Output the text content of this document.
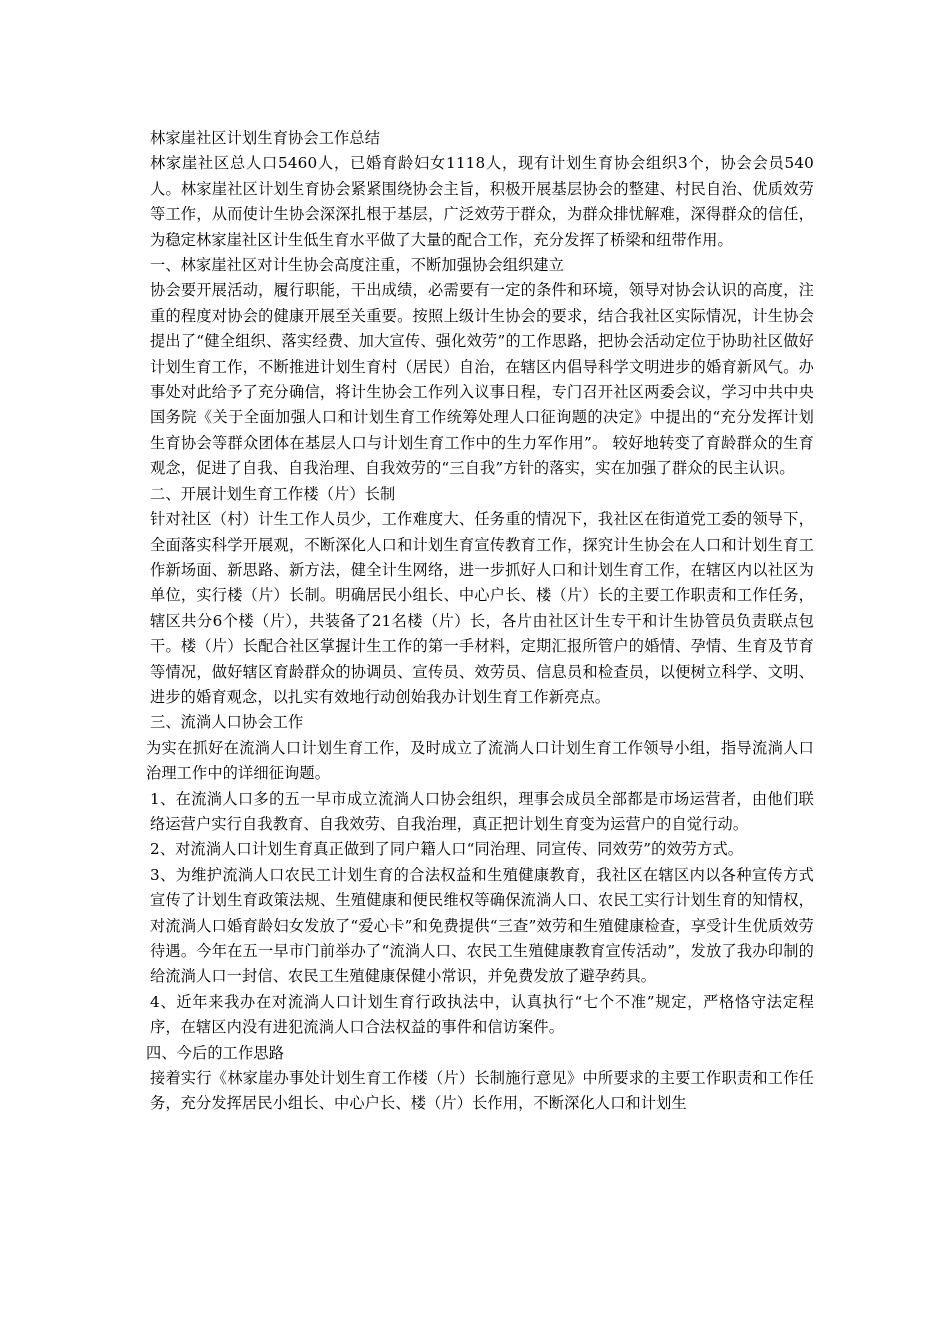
林家崖社区计划生育协会工作总结

林家崖社区总人口5460人，已婚育龄妇女1118人，现有计划生育协会组织3个，协会会员540人。林家崖社区计划生育协会紧紧围绕协会主旨，积极开展基层协会的整建、村民自治、优质效劳等工作，从而使计生协会深深扎根于基层，广泛效劳于群众，为群众排忧解难，深得群众的信任，为稳定林家崖社区计生低生育水平做了大量的配合工作，充分发挥了桥梁和纽带作用。

一、林家崖社区对计生协会高度注重，不断加强协会组织建立

协会要开展活动，履行职能，干出成绩，必需要有一定的条件和环境，领导对协会认识的高度，注重的程度对协会的健康开展至关重要。按照上级计生协会的要求，结合我社区实际情况，计生协会提出了“健全组织、落实经费、加大宣传、强化效劳”的工作思路，把协会活动定位于协助社区做好计划生育工作，不断推进计划生育村（居民）自治，在辖区内倡导科学文明进步的婚育新风气。办事处对此给予了充分确信，将计生协会工作列入议事日程，专门召开社区两委会议，学习中共中央国务院《关于全面加强人口和计划生育工作统筹处理人口征询题的决定》中提出的“充分发挥计划生育协会等群众团体在基层人口与计划生育工作中的生力军作用”。 较好地转变了育龄群众的生育观念，促进了自我、自我治理、自我效劳的“三自我”方针的落实，实在加强了群众的民主认识。

二、开展计划生育工作楼（片）长制

针对社区（村）计生工作人员少，工作难度大、任务重的情况下，我社区在街道党工委的领导下，全面落实科学开展观，不断深化人口和计划生育宣传教育工作，探究计生协会在人口和计划生育工作新场面、新思路、新方法，健全计生网络，进一步抓好人口和计划生育工作，在辖区内以社区为单位，实行楼（片）长制。明确居民小组长、中心户长、楼（片）长的主要工作职责和工作任务，辖区共分6个楼（片），共装备了21名楼（片）长，各片由社区计生专干和计生协管员负责联点包干。楼（片）长配合社区掌握计生工作的第一手材料，定期汇报所管户的婚情、孕情、生育及节育等情况，做好辖区育龄群众的协调员、宣传员、效劳员、信息员和检查员，以便树立科学、文明、进步的婚育观念，以扎实有效地行动创始我办计划生育工作新亮点。

三、流淌人口协会工作

为实在抓好在流淌人口计划生育工作，及时成立了流淌人口计划生育工作领导小组，指导流淌人口治理工作中的详细征询题。

1、在流淌人口多的五一早市成立流淌人口协会组织，理事会成员全部都是市场运营者，由他们联络运营户实行自我教育、自我效劳、自我治理，真正把计划生育变为运营户的自觉行动。

2、对流淌人口计划生育真正做到了同户籍人口“同治理、同宣传、同效劳”的效劳方式。

3、为维护流淌人口农民工计划生育的合法权益和生殖健康教育，我社区在辖区内以各种宣传方式宣传了计划生育政策法规、生殖健康和便民维权等确保流淌人口、农民工实行计划生育的知情权，对流淌人口婚育龄妇女发放了“爱心卡”和免费提供“三查”效劳和生殖健康检查，享受计生优质效劳待遇。今年在五一早市门前举办了“流淌人口、农民工生殖健康教育宣传活动”，发放了我办印制的给流淌人口一封信、农民工生殖健康保健小常识，并免费发放了避孕药具。

4、近年来我办在对流淌人口计划生育行政执法中，认真执行“七个不准”规定，严格恪守法定程序，在辖区内没有进犯流淌人口合法权益的事件和信访案件。

四、今后的工作思路

接着实行《林家崖办事处计划生育工作楼（片）长制施行意见》中所要求的主要工作职责和工作任务，充分发挥居民小组长、中心户长、楼（片）长作用，不断深化人口和计划生
